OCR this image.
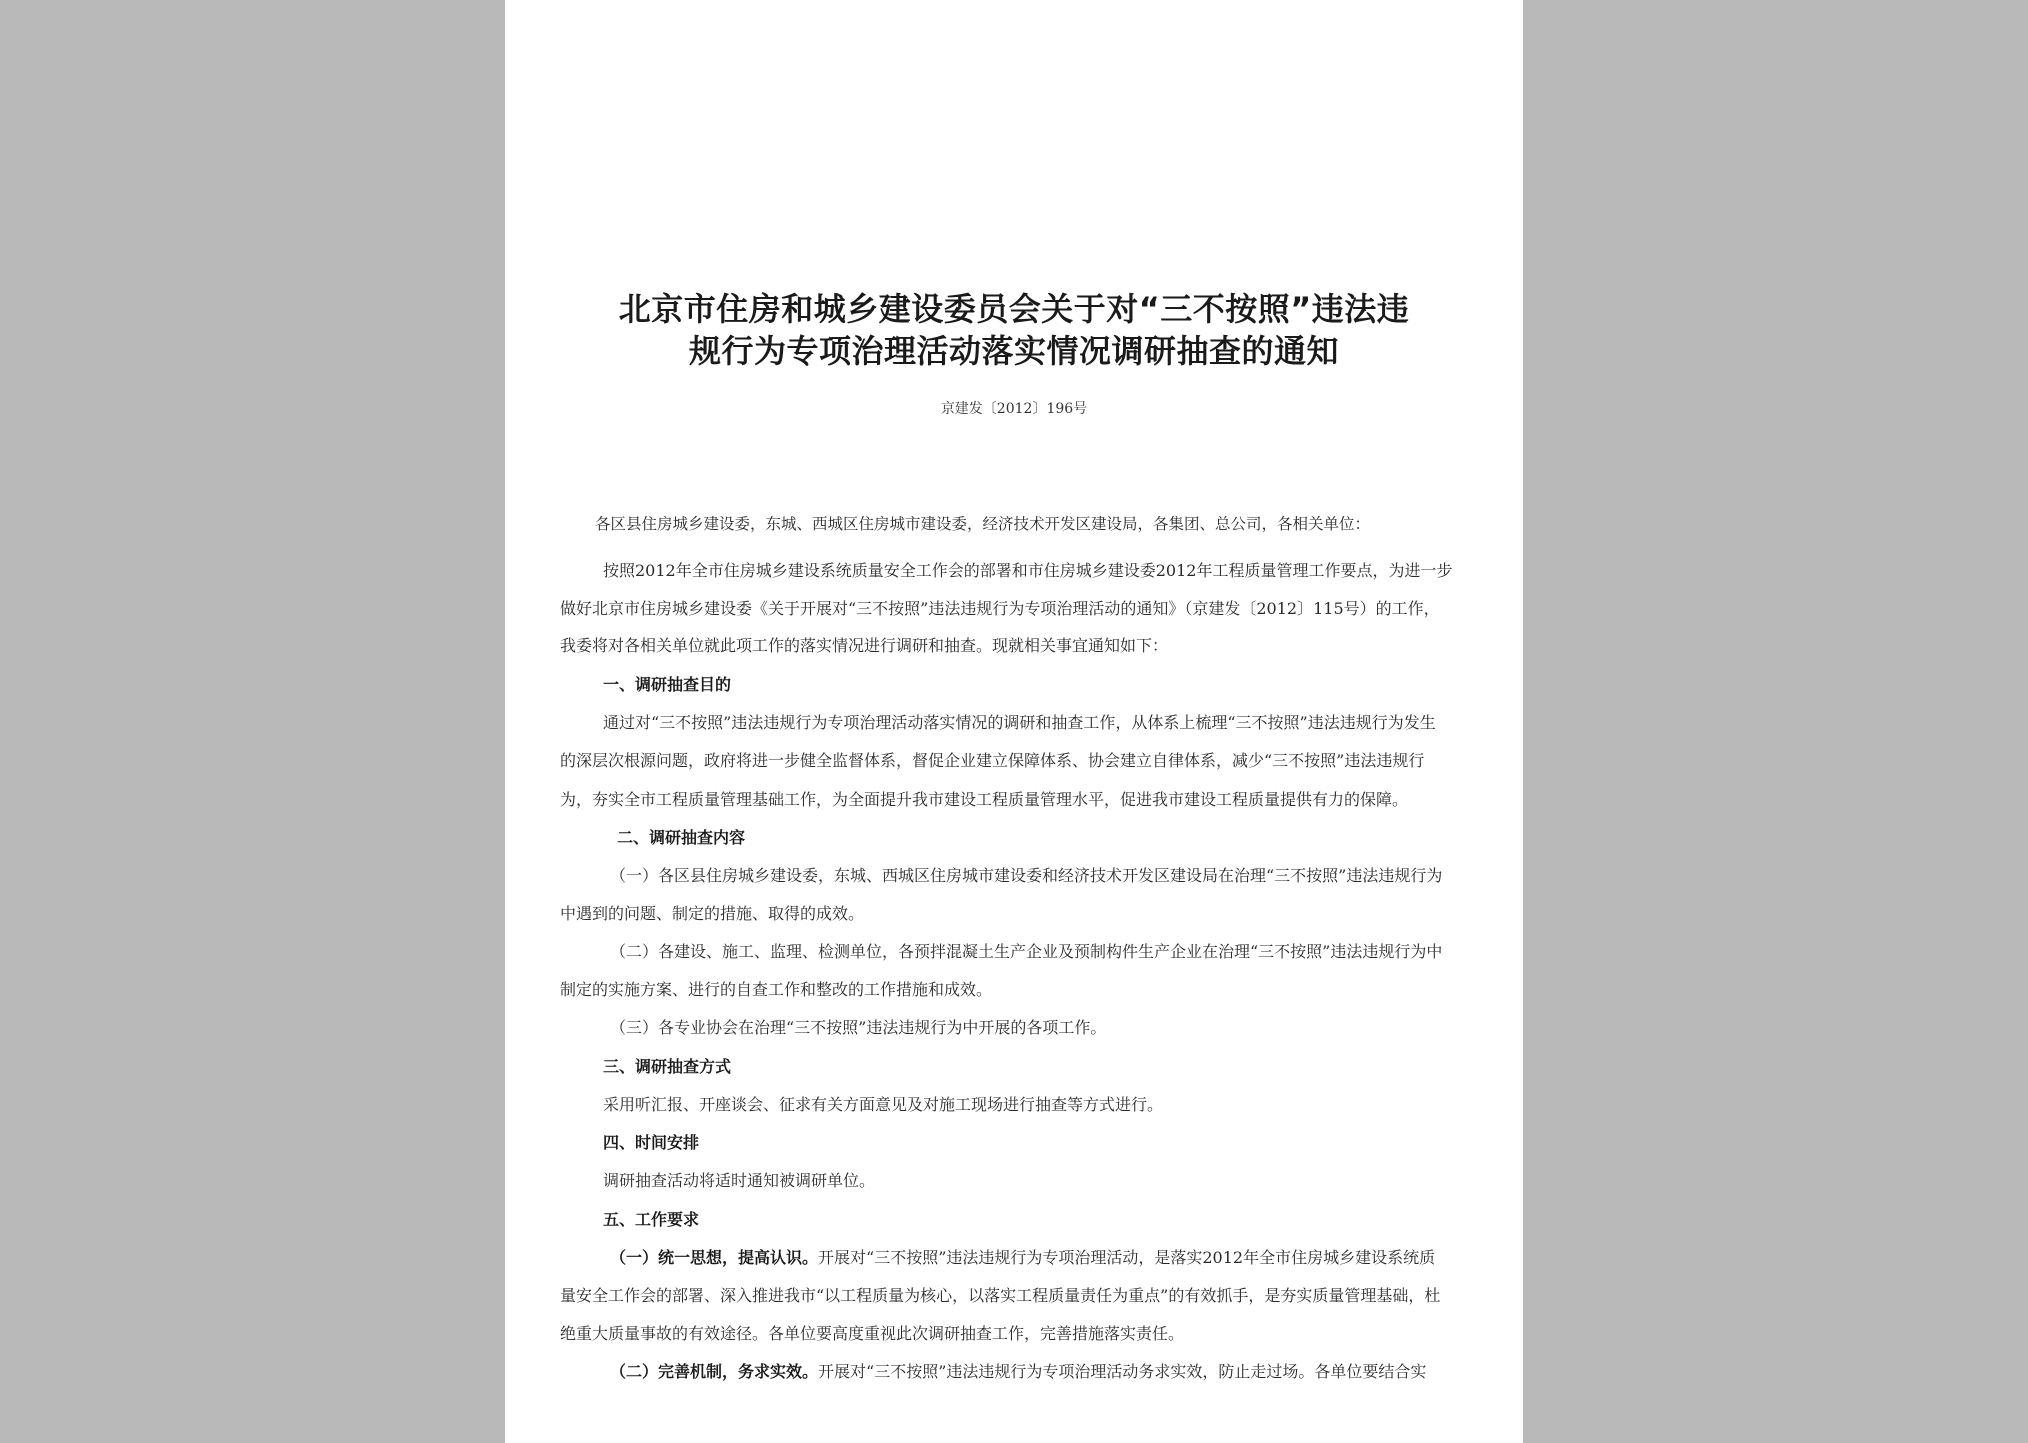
北京市住房和城乡建设委员会关于对“三不按照”违法违
规行为专项治理活动落实情况调研抽查的通知
京建发〔2012〕196号
各区县住房城乡建设委，东城、西城区住房城市建设委，经济技术开发区建设局，各集团、总公司，各相关单位：
按照2012年全市住房城乡建设系统质量安全工作会的部署和市住房城乡建设委2012年工程质量管理工作要点，为进一步
做好北京市住房城乡建设委《关于开展对“三不按照”违法违规行为专项治理活动的通知》（京建发〔2012〕115号）的工作，
我委将对各相关单位就此项工作的落实情况进行调研和抽查。现就相关事宜通知如下：
一、调研抽查目的
通过对“三不按照”违法违规行为专项治理活动落实情况的调研和抽查工作，从体系上梳理“三不按照”违法违规行为发生
的深层次根源问题，政府将进一步健全监督体系，督促企业建立保障体系、协会建立自律体系，减少“三不按照”违法违规行
为，夯实全市工程质量管理基础工作，为全面提升我市建设工程质量管理水平，促进我市建设工程质量提供有力的保障。
二、调研抽查内容
（一）各区县住房城乡建设委，东城、西城区住房城市建设委和经济技术开发区建设局在治理“三不按照”违法违规行为
中遇到的问题、制定的措施、取得的成效。
（二）各建设、施工、监理、检测单位，各预拌混凝土生产企业及预制构件生产企业在治理“三不按照”违法违规行为中
制定的实施方案、进行的自查工作和整改的工作措施和成效。
（三）各专业协会在治理“三不按照”违法违规行为中开展的各项工作。
三、调研抽查方式
采用听汇报、开座谈会、征求有关方面意见及对施工现场进行抽查等方式进行。
四、时间安排
调研抽查活动将适时通知被调研单位。
五、工作要求
（一）统一思想，提高认识。开展对“三不按照”违法违规行为专项治理活动，是落实2012年全市住房城乡建设系统质
量安全工作会的部署、深入推进我市“以工程质量为核心，以落实工程质量责任为重点”的有效抓手，是夯实质量管理基础，杜
绝重大质量事故的有效途径。各单位要高度重视此次调研抽查工作，完善措施落实责任。
（二）完善机制，务求实效。开展对“三不按照”违法违规行为专项治理活动务求实效，防止走过场。各单位要结合实
